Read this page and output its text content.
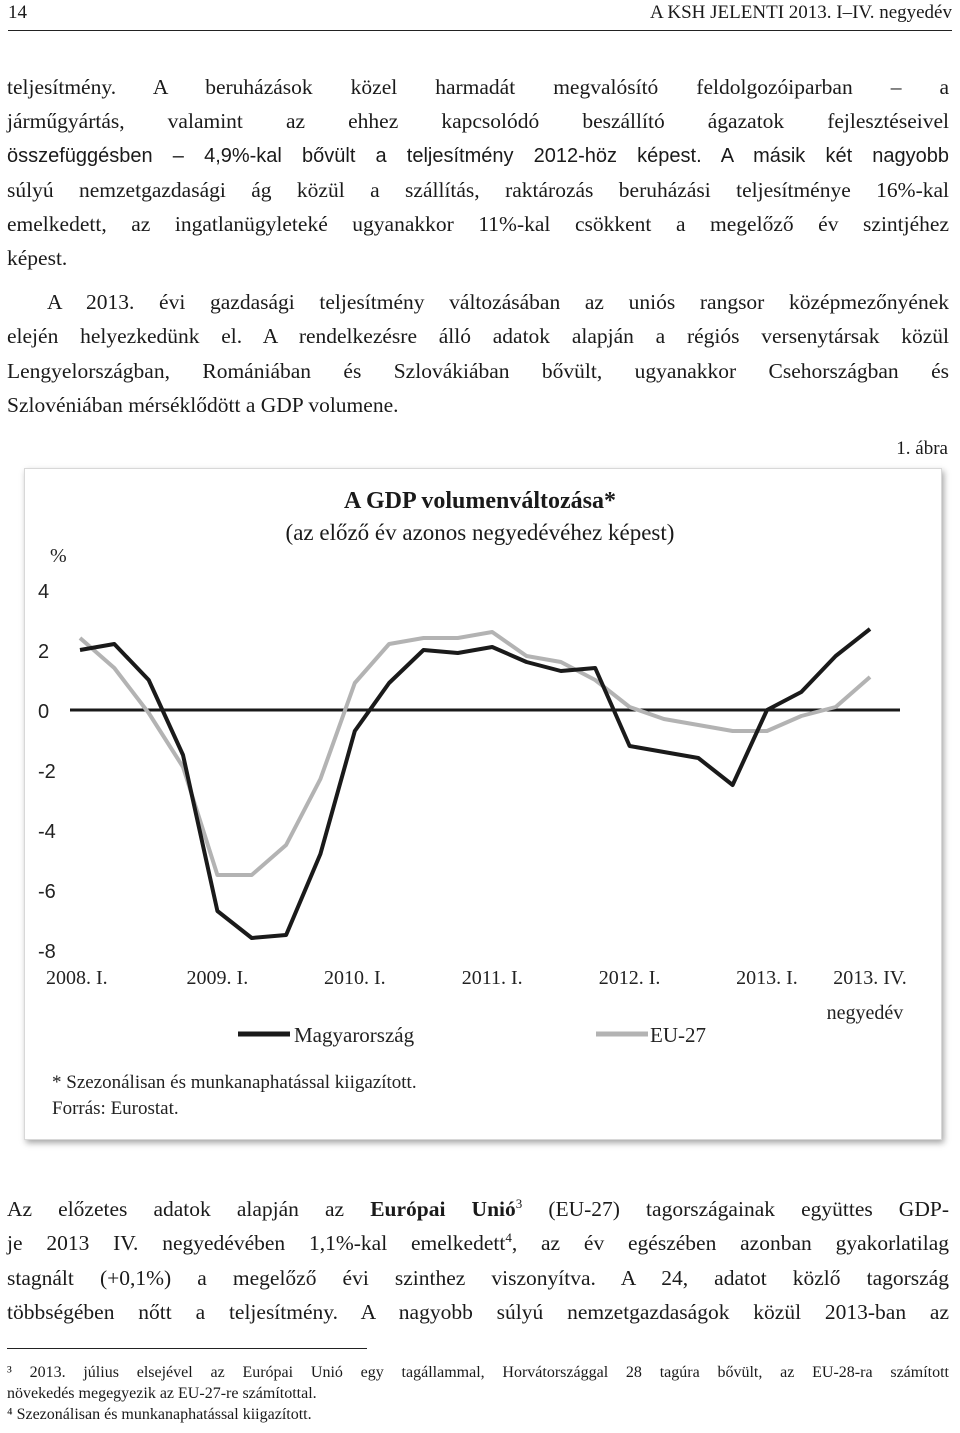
14	A KSH JELENTI 2013. I–IV. negyedév

teljesítmény. A beruházások közel harmadát megvalósító feldolgozóiparban – a
járműgyártás, valamint az ehhez kapcsolódó beszállító ágazatok fejlesztéseivel
összefüggésben – 4,9%-kal bővült a teljesítmény 2012-höz képest. A másik két nagyobb
súlyú nemzetgazdasági ág közül a szállítás, raktározás beruházási teljesítménye 16%-kal
emelkedett, az ingatlanügyleteké ugyanakkor 11%-kal csökkent a megelőző év szintjéhez
képest.

A 2013. évi gazdasági teljesítmény változásában az uniós rangsor középmezőnyének
elején helyezkedünk el. A rendelkezésre álló adatok alapján a régiós versenytársak közül
Lengyelországban, Romániában és Szlovákiában bővült, ugyanakkor Csehországban és
Szlovéniában mérséklődött a GDP volumene.

1. ábra
A GDP volumenváltozása*
(az előző év azonos negyedévéhez képest)
%
4
2
0
-2
-4
-6
-8
2008. I.	2009. I.	2010. I.	2011. I.	2012. I.	2013. I. 2013. IV.
negyedév
Magyarország	EU-27
* Szezonálisan és munkanaphatással kiigazított.
Forrás: Eurostat.

Az előzetes adatok alapján az Európai Unió$^3$ (EU-27) tagországainak együttes GDP-
je 2013 IV. negyedévében 1,1%-kal emelkedett$^4$, az év egészében azonban gyakorlatilag
stagnált (+0,1%) a megelőző évi szinthez viszonyítva. A 24, adatot közlő tagország
többségében nőtt a teljesítmény. A nagyobb súlyú nemzetgazdaságok közül 2013-ban az

³ 2013. július elsejével az Európai Unió egy tagállammal, Horvátországgal 28 tagúra bővült, az EU-28-ra számított
növekedés megegyezik az EU-27-re számítottal.
⁴ Szezonálisan és munkanaphatással kiigazított.
